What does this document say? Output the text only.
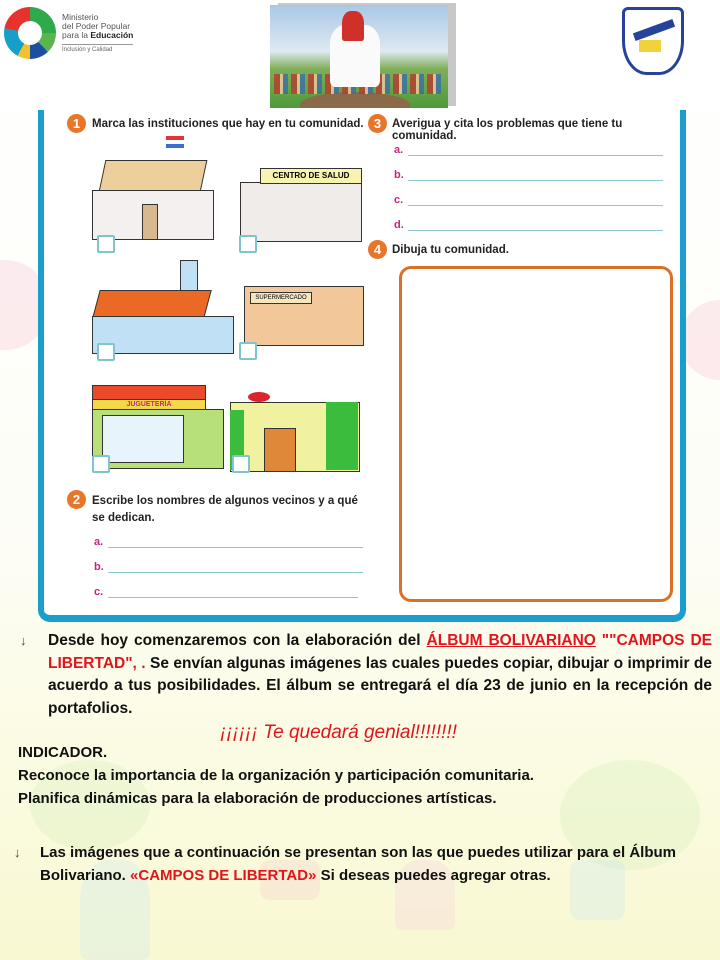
Ministerio
del Poder Popular
para la Educación
Inclusión y Calidad
1	Marca las instituciones que hay en tu comunidad. 3 Averigua y cita los problemas que tiene tu comunidad.
CENTRO DE SALUD
SUPERMERCADO
JUGUETERÍA
2	Escribe los nombres de algunos vecinos y a qué se dedican.
a.
b.
c.
a.
b.
c.
d.
4 Dibuja tu comunidad.
↓ Desde hoy comenzaremos con la elaboración del ÁLBUM BOLIVARIANO ""CAMPOS DE LIBERTAD", . Se envían algunas imágenes las cuales puedes copiar, dibujar o imprimir de acuerdo a tus posibilidades. El álbum se entregará el día 23 de junio en la recepción de portafolios.
¡¡¡¡¡¡ Te quedará genial!!!!!!!!
INDICADOR.
Reconoce la importancia de la organización y participación comunitaria.
Planifica dinámicas para la elaboración de producciones artísticas.
↓ Las imágenes que a continuación se presentan son las que puedes utilizar para el Álbum Bolivariano. «CAMPOS DE LIBERTAD» Si deseas puedes agregar otras.
